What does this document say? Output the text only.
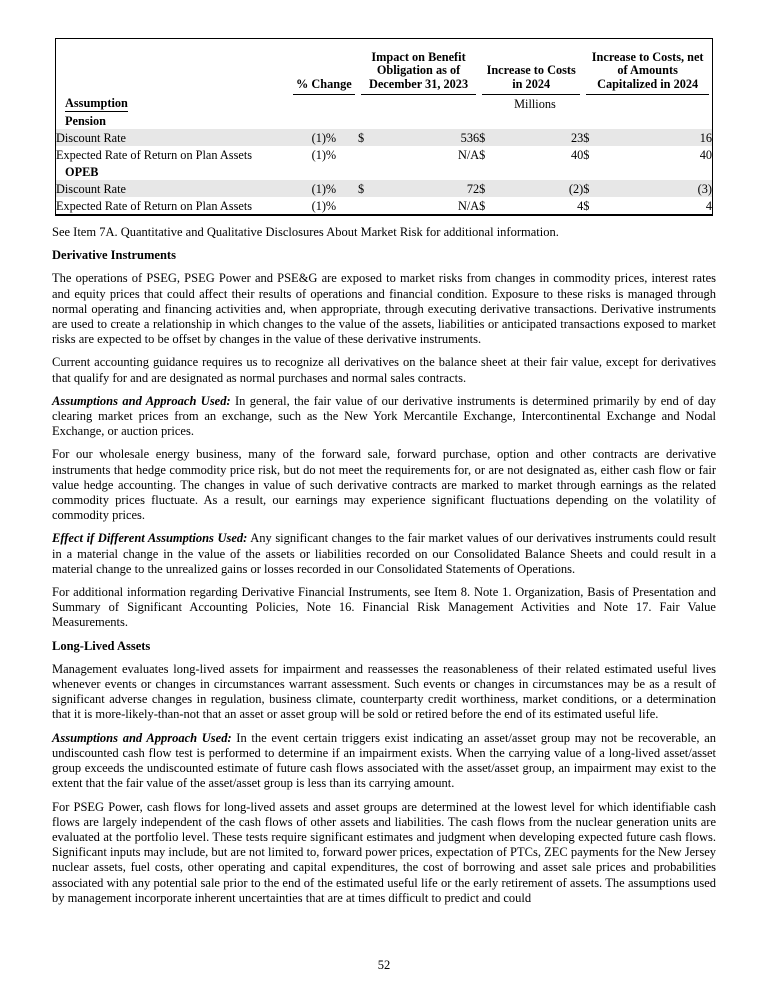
	% Change	Impact on Benefit Obligation as of December 31, 2023		Increase to Costs in 2024		Increase to Costs, net of Amounts Capitalized in 2024	

Assumption		Millions					
Pension							
Discount Rate	(1)%	$	536	$	23	$	16
Expected Rate of Return on Plan Assets	(1)%		N/A	$	40	$	40
OPEB							
Discount Rate	(1)%	$	72	$	(2)	$	(3)
Expected Rate of Return on Plan Assets	(1)%		N/A	$	4	$	4

See Item 7A. Quantitative and Qualitative Disclosures About Market Risk for additional information.

Derivative Instruments

The operations of PSEG, PSEG Power and PSE&G are exposed to market risks from changes in commodity prices, interest rates and equity prices that could affect their results of operations and financial condition. Exposure to these risks is managed through normal operating and financing activities and, when appropriate, through executing derivative transactions. Derivative instruments are used to create a relationship in which changes to the value of the assets, liabilities or anticipated transactions exposed to market risks are expected to be offset by changes in the value of these derivative instruments.

Current accounting guidance requires us to recognize all derivatives on the balance sheet at their fair value, except for derivatives that qualify for and are designated as normal purchases and normal sales contracts.

Assumptions and Approach Used: In general, the fair value of our derivative instruments is determined primarily by end of day clearing market prices from an exchange, such as the New York Mercantile Exchange, Intercontinental Exchange and Nodal Exchange, or auction prices.

For our wholesale energy business, many of the forward sale, forward purchase, option and other contracts are derivative instruments that hedge commodity price risk, but do not meet the requirements for, or are not designated as, either cash flow or fair value hedge accounting. The changes in value of such derivative contracts are marked to market through earnings as the related commodity prices fluctuate. As a result, our earnings may experience significant fluctuations depending on the volatility of commodity prices.

Effect if Different Assumptions Used: Any significant changes to the fair market values of our derivatives instruments could result in a material change in the value of the assets or liabilities recorded on our Consolidated Balance Sheets and could result in a material change to the unrealized gains or losses recorded in our Consolidated Statements of Operations.

For additional information regarding Derivative Financial Instruments, see Item 8. Note 1. Organization, Basis of Presentation and Summary of Significant Accounting Policies, Note 16. Financial Risk Management Activities and Note 17. Fair Value Measurements.

Long-Lived Assets

Management evaluates long-lived assets for impairment and reassesses the reasonableness of their related estimated useful lives whenever events or changes in circumstances warrant assessment. Such events or changes in circumstances may be as a result of significant adverse changes in regulation, business climate, counterparty credit worthiness, market conditions, or a determination that it is more-likely-than-not that an asset or asset group will be sold or retired before the end of its estimated useful life.

Assumptions and Approach Used: In the event certain triggers exist indicating an asset/asset group may not be recoverable, an undiscounted cash flow test is performed to determine if an impairment exists. When the carrying value of a long-lived asset/asset group exceeds the undiscounted estimate of future cash flows associated with the asset/asset group, an impairment may exist to the extent that the fair value of the asset/asset group is less than its carrying amount.

For PSEG Power, cash flows for long-lived assets and asset groups are determined at the lowest level for which identifiable cash flows are largely independent of the cash flows of other assets and liabilities. The cash flows from the nuclear generation units are evaluated at the portfolio level. These tests require significant estimates and judgment when developing expected future cash flows. Significant inputs may include, but are not limited to, forward power prices, expectation of PTCs, ZEC payments for the New Jersey nuclear assets, fuel costs, other operating and capital expenditures, the cost of borrowing and asset sale prices and probabilities associated with any potential sale prior to the end of the estimated useful life or the early retirement of assets. The assumptions used by management incorporate inherent uncertainties that are at times difficult to predict and could

52
